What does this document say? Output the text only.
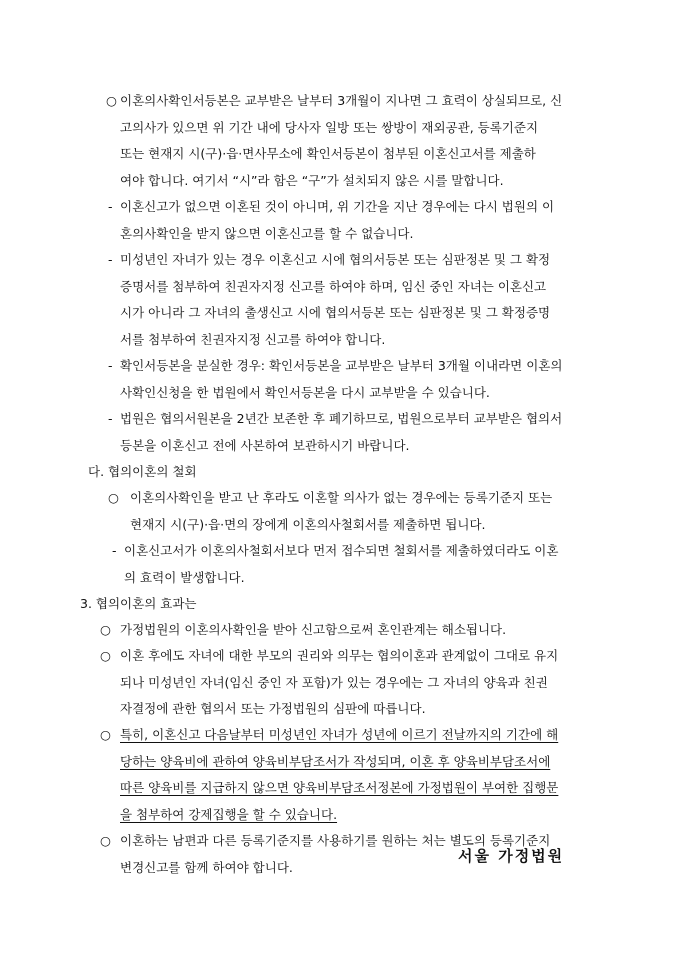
○ 이혼의사확인서등본은 교부받은 날부터 3개월이 지나면 그 효력이 상실되므로, 신
고의사가 있으면 위 기간 내에 당사자 일방 또는 쌍방이 재외공관, 등록기준지
또는 현재지 시(구)·읍·면사무소에 확인서등본이 첨부된 이혼신고서를 제출하
여야 합니다. 여기서 “시”라 함은 “구”가 설치되지 않은 시를 말합니다.
- 이혼신고가 없으면 이혼된 것이 아니며, 위 기간을 지난 경우에는 다시 법원의 이
혼의사확인을 받지 않으면 이혼신고를 할 수 없습니다.
- 미성년인 자녀가 있는 경우 이혼신고 시에 협의서등본 또는 심판정본 및 그 확정
증명서를 첨부하여 친권자지정 신고를 하여야 하며, 임신 중인 자녀는 이혼신고
시가 아니라 그 자녀의 출생신고 시에 협의서등본 또는 심판정본 및 그 확정증명
서를 첨부하여 친권자지정 신고를 하여야 합니다.
- 확인서등본을 분실한 경우: 확인서등본을 교부받은 날부터 3개월 이내라면 이혼의
사확인신청을 한 법원에서 확인서등본을 다시 교부받을 수 있습니다.
- 법원은 협의서원본을 2년간 보존한 후 폐기하므로, 법원으로부터 교부받은 협의서
등본을 이혼신고 전에 사본하여 보관하시기 바랍니다.
다. 협의이혼의 철회
○ 이혼의사확인을 받고 난 후라도 이혼할 의사가 없는 경우에는 등록기준지 또는
현재지 시(구)·읍·면의 장에게 이혼의사철회서를 제출하면 됩니다.
- 이혼신고서가 이혼의사철회서보다 먼저 접수되면 철회서를 제출하였더라도 이혼
의 효력이 발생합니다.
3. 협의이혼의 효과는
○ 가정법원의 이혼의사확인을 받아 신고함으로써 혼인관계는 해소됩니다.
○ 이혼 후에도 자녀에 대한 부모의 권리와 의무는 협의이혼과 관계없이 그대로 유지
되나 미성년인 자녀(임신 중인 자 포함)가 있는 경우에는 그 자녀의 양육과 친권
자결정에 관한 협의서 또는 가정법원의 심판에 따릅니다.
○ 특히, 이혼신고 다음날부터 미성년인 자녀가 성년에 이르기 전날까지의 기간에 해
당하는 양육비에 관하여 양육비부담조서가 작성되며, 이혼 후 양육비부담조서에
따른 양육비를 지급하지 않으면 양육비부담조서정본에 가정법원이 부여한 집행문
을 첨부하여 강제집행을 할 수 있습니다.
○ 이혼하는 남편과 다른 등록기준지를 사용하기를 원하는 처는 별도의 등록기준지
변경신고를 함께 하여야 합니다.
서울 가정법원
